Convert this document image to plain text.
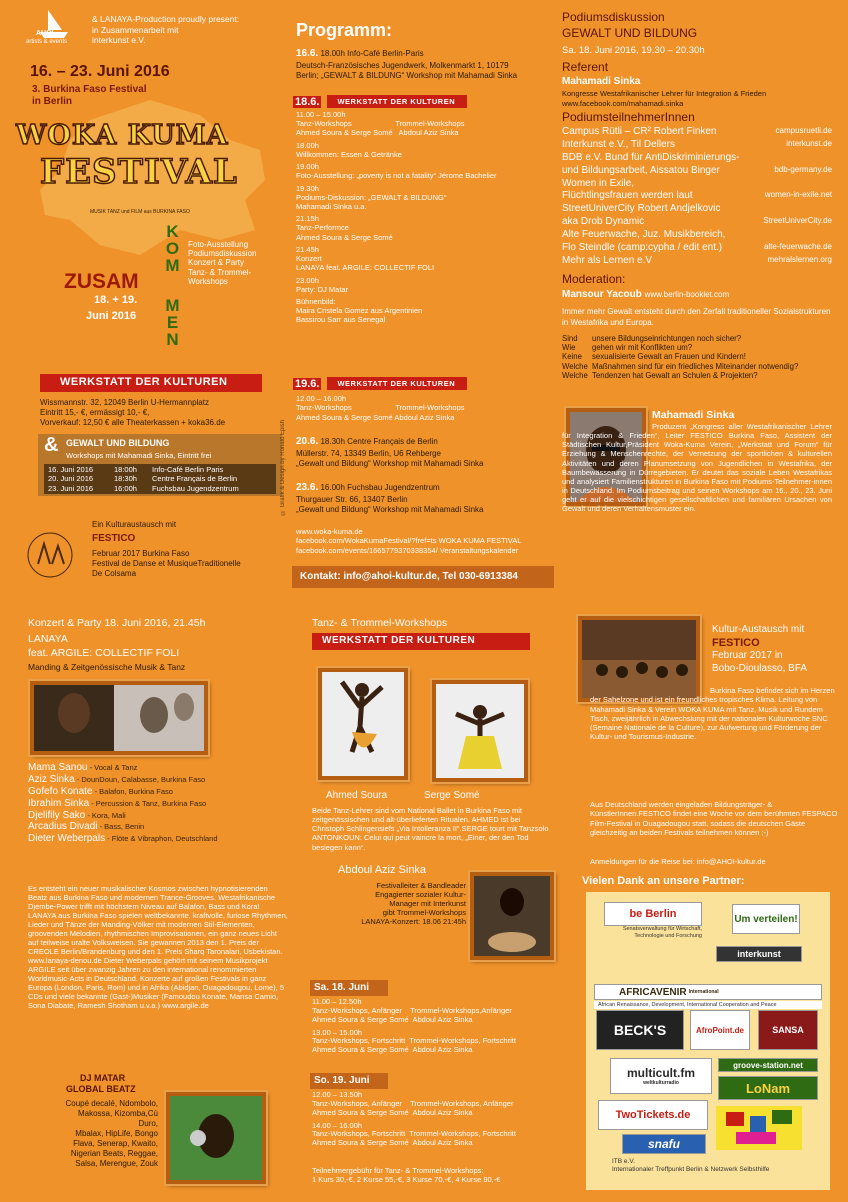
AHOI
artists & events
& LANAYA-Production proudly present:
in Zusammenarbeit mit
interkunst e.V.
16. – 23. Juni 2016
3. Burkina Faso Festival
in Berlin
WOKA KUMA
FESTIVAL
MUSIK TANZ und FILM aus BURKINA FASO
Foto-Ausstellung
Podiumsdiskussion
Konzert & Party
Tanz- & Trommel-
Workshops
KOM
ZUSAM
MEN
18. + 19.
Juni 2016
WERKSTATT DER KULTUREN
Wissmannstr. 32, 12049 Berlin U-Hermannplatz
Eintritt 15,- €, ermässigt 10,- €,
Vorverkauf: 12,50 € alle Theaterkassen + koka36.de
& GEWALT UND BILDUNG
Workshops mit Mahamadi Sinka, Eintritt frei
16. Juni 2016	18:00h	Info-Café Berlin Paris
20. Juni 2016	18:30h	Centre Français de Berlin
23. Juni 2016	16:00h	Fuchsbau Jugendzentrum
Ein Kulturaustausch mit
FESTICO
Februar 2017 Burkina Faso
Festival de Danse et MusiqueTraditionelle
De Colsama
© Grafik & Design by Ronald Epish
Programm:
16.6. 18.00h Info-Café Berlin-Paris
Deutsch-Französisches Jugendwerk, Molkenmarkt 1, 10179
Berlin; „GEWALT & BILDUNG“ Workshop mit Mahamadi Sinka
18.6.	WERKSTATT DER KULTUREN
11.00 – 15.00h
Tanz-Workshops                     Trommel-Workshops
Ahmed Soura & Serge Somé   Abdoul Aziz Sinka
18.00h
Willkommen: Essen & Getränke
19.00h
Foto-Ausstellung: „poverty is not a fatality“ Jérome Bachelier
19.30h
Podiums-Diskussion: „GEWALT & BILDUNG“
Mahamadi Sinka u.a.
21.15h
Tanz-Performce
Ahmed Soura & Serge Somé
21.45h
Konzert
LANAYA feat. ARGILE: COLLECTIF FOLI
23.00h
Party: DJ Matar
Bühnenbild:
Maira Cristela Gomez aus Argentinien
Bassirou Sarr aus Senegal
19.6.	WERKSTATT DER KULTUREN
12.00 – 16.00h
Tanz-Workshops                     Trommel-Workshops
Ahmed Soura & Serge Somé Abdoul Aziz Sinka
20.6. 18.30h Centre Français de Berlin
Müllerstr. 74, 13349 Berlin, U6 Rehberge
„Gewalt und Bildung“ Workshop mit Mahamadi Sinka
23.6. 16.00h Fuchsbau Jugendzentrum
Thurgauer Str. 66, 13407 Berlin
„Gewalt und Bildung“ Workshop mit Mahamadi Sinka
www.woka-kuma.de
facebook.com/WokaKumaFestival/?fref=ts WOKA KUMA FESTIVAL
facebook.com/events/1665779370338354/ Veranstaltungskalender
Kontakt: info@ahoi-kultur.de, Tel 030-6913384
Podiumsdiskussion
GEWALT UND BILDUNG
Sa. 18. Juni 2016, 19.30 – 20.30h
Referent
Mahamadi Sinka
Kongresse Westafrikanischer Lehrer für Integration & Frieden
www.facebook.com/mahamadi.sinka
PodiumsteilnehmerInnen
Campus Rütli – CR² Robert Finken	campusruetli.de
Interkunst e.V., Til Dellers	interkunst.de
BDB e.V. Bund für AntiDiskriminierungs-
und Bildungsarbeit, Aissatou Binger	bdb-germany.de
Women in Exile,
Flüchtlingsfrauen werden laut	women-in-exile.net
StreetUniverCity Robert Andjelkovic
aka Drob Dynamic	StreetUniverCity.de
Alte Feuerwache, Juz. Musikbereich,
Flo Steindle (camp:cypha / edit ent.)	alte-feuerwache.de
Mehr als Lernen e.V	mehralslernen.org
Moderation:
Mansour Yacoub www.berlin-booklet.com
Immer mehr Gewalt entsteht durch den Zerfall traditioneller Sozialstrukturen in Westafrika und Europa.
Sind	unsere Bildungseinrichtungen noch sicher?
Wie	gehen wir mit Konflikten um?
Keine	sexualisierte Gewalt an Frauen und Kindern!
Welche Maßnahmen sind für ein friedliches Miteinander notwendig?
Welche Tendenzen hat Gewalt an Schulen & Projekten?
Mahamadi Sinka
Produzent „Kongress aller Westafrikanischer Lehrer für Integration & Frieden“, Leiter FESTICO Burkina Faso, Assistent der Städtischen Kultur,Präsident Woka-Kuma Verein, „Werkstatt und Forum“ für Erziehung & Menschenrechte, der Vernetzung der sportlichen & kulturellen Aktivitäten und deren Planumsetzung von Jugendlichen in Westafrika, der Baumbewässerung in Dürregebieten. Er deutet das soziale Leben Westafrikas und analysiert Familienstrukturen in Burkina Faso mit Podiums-Teilnehmer-innen in Deutschland. Im Podiumsbeitrag und seinen Workshops am 16., 20., 23. Juni geht er auf die vielschichtigen gesellschaftlichen und familiären Ursachen von Gewalt und deren Verhaltensmuster ein.
Konzert & Party 18. Juni 2016, 21.45h
LANAYA
feat. ARGILE: COLLECTIF FOLI
Manding & Zeitgenössische Musik & Tanz
Mama Sanou - Vocal & Tanz
Aziz Sinka - DounDoun, Calabasse, Burkina Faso
Gofefo Konate - Balafon, Burkina Faso
Ibrahim Sinka - Percussion & Tanz, Burkina Faso
Djelifily Sako - Kora, Mali
Arcadius Divadi - Bass, Benin
Dieter Weberpals - Flöte & Vibraphon, Deutschland
Es entsteht ein neuer musikalischer Kosmos zwischen hypnotisierenden Beatz aus Burkina Faso und modernen Trance-Grooves. Westafrikanische Djembe-Power trifft mit höchstem Niveau auf Balafon, Bass und Kora! LANAYA aus Burkina Faso spielen weltbekannte, kraftvolle, furiose Rhythmen, Lieder und Tänze der Manding-Völker mit modernen Stil-Elementen, groovenden Melodien, rhythmischen Improvisationen, ein ganz neues Licht auf teilweise uralte Volksweisen. Sie gewannen 2013 den 1. Preis der CREOLE Berlin/Brandenburg und den 1. Preis Sharq Taronalari, Usbekistan. www.lanaya-denou.de Dieter Weberpals gehört mit seinem Musikprojekt ARGILE seit über zwanzig Jahren zu den international renommierten Worldmusic-Acts in Deutschland. Konzerte auf großen Festivals in ganz Europa (London, Paris, Rom) und in Afrika (Abidjan, Ouagadougou, Lome), 5 CDs und viele bekannte (Gast-)Musiker (Famoudou Konate, Mansa Camio, Sona Diabate, Ramesh Shotham u.v.a.) www.argile.de
DJ MATAR
GLOBAL BEATZ
Coupé decalé, Ndombolo,
Makossa, Kizomba,Cù Duro,
Mbalax, HipLife, Bongo
Flava, Senerap, Kwaito,
Nigerian Beats, Reggae,
Salsa, Merengue, Zouk
Tanz- & Trommel-Workshops
WERKSTATT DER KULTUREN
Ahmed Soura	Serge Somé
Beide Tanz-Lehrer sind vom National Ballet in Burkina Faso mit zeitgenössischen und alt-überlieferten Ritualen. AHMED ist bei Christoph Schlingensiefs „Via Intolleranza II“.SERGE tourt mit Tanzsolo ANTONKOUN: Celui qui peut vaincre la mort, „Einer, der den Tod besiegen kann“.
Abdoul Aziz Sinka
Festivalleiter & Bandleader
Engagierter sozialer Kultur-
Manager mit Interkunst
gibt Trommel-Workshops
LANAYA-Konzert: 18.06 21:45h
Sa. 18. Juni
11.00 – 12.50h
Tanz-Workshops, Anfänger    Trommel-Workshops,Anfänger
Ahmed Soura & Serge Somé  Abdoul Aziz Sinka
13.00 – 15.00h
Tanz-Workshops, Fortschritt  Trommel-Workshops, Fortschritt
Ahmed Soura & Serge Somé  Abdoul Aziz Sinka
So. 19. Juni
12.00 – 13.50h
Tanz-Workshops, Anfänger    Trommel-Workshops, Anfänger
Ahmed Soura & Serge Somé  Abdoul Aziz Sinka
14.00 – 16.00h
Tanz-Workshops, Fortschritt  Trommel-Workshops, Fortschritt
Ahmed Soura & Serge Somé  Abdoul Aziz Sinka
Teilnehmergebühr für Tanz- & Trommel-Workshops:
1 Kurs 30,-€, 2 Kurse 55,-€, 3 Kurse 70,-€, 4 Kurse 90,-€
Kultur-Austausch mit
FESTICO
Februar 2017 in
Bobo-Dioulasso, BFA
Burkina Faso befindet sich im Herzen der Sahelzone und ist ein freundliches tropisches Klima. Leitung von Mahamadi Sinka & Verein WOKA KUMA mit Tanz, Musik und Rundem Tisch, zweijährlich in Abwechslung mit der nationalen Kulturwoche SNC (Semaine Nationale de la Culture), zur Aufwertung und Förderung der Kultur- und Tourismus-Industrie.
Aus Deutschland werden eingeladen Bildungsträger- & KünstlerInnen.FESTICO findet eine Woche vor dem berühmten FESPACO Film-Festival in Ouagadougou statt, sodass die deutschen Gäste gleichzeitig an beiden Festivals teilnehmen können ;-)
Anmeldungen für die Reise bei: info@AHOI-kultur.de
Vielen Dank an unsere Partner:
be Berlin
Senatsverwaltung für Wirtschaft, Technologie und Forschung
Um verteilen!
interkunst
AFRICAVENIR International
African Renaissance, Development, International Cooperation and Peace
BECK'S	AfroPoint.de	SANSA
multicult.fm
weltkulturradio
groove-station.net
LoNam
TwoTickets.de
snafu
ITB e.V.
Internationaler Treffpunkt Berlin & Netzwerk Selbsthilfe
